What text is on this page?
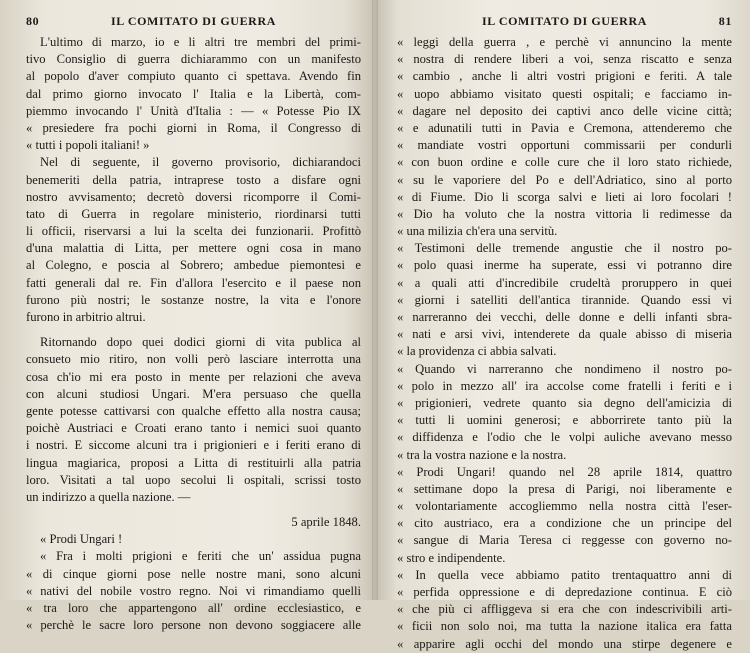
80	IL COMITATO DI GUERRA
L'ultimo di marzo, io e li altri tre membri del primi-
tivo Consiglio di guerra dichiarammo con un manifesto
al popolo d'aver compiuto quanto ci spettava. Avendo fin
dal primo giorno invocato l' Italia e la Libertà, com-
piemmo invocando l' Unità d'Italia : — « Potesse Pio IX
« presiedere fra pochi giorni in Roma, il Congresso di
« tutti i popoli italiani! »
Nel di seguente, il governo provisorio, dichiarandoci
benemeriti della patria, intraprese tosto a disfare ogni
nostro avvisamento; decretò doversi ricomporre il Comi-
tato di Guerra in regolare ministerio, riordinarsi tutti
li officii, riservarsi a lui la scelta dei funzionarii. Profittò
d'una malattia di Litta, per mettere ogni cosa in mano
al Colegno, e poscia al Sobrero; ambedue piemontesi e
fatti generali dal re. Fin d'allora l'esercito e il paese non
furono più nostri; le sostanze nostre, la vita e l'onore
furono in arbitrio altrui.
Ritornando dopo quei dodici giorni di vita publica al
consueto mio ritiro, non volli però lasciare interrotta una
cosa ch'io mi era posto in mente per relazioni che aveva
con alcuni studiosi Ungari. M'era persuaso che quella
gente potesse cattivarsi con qualche effetto alla nostra causa;
poichè Austriaci e Croati erano tanto i nemici suoi quanto
i nostri. E siccome alcuni tra i prigionieri e i feriti erano di
lingua magiarica, proposi a Litta di restituirli alla patria
loro. Visitati a tal uopo secolui li ospitali, scrissi tosto
un indirizzo a quella nazione. —
5 aprile 1848.
« Prodi Ungari !
« Fra i molti prigioni e feriti che un' assidua pugna
« di cinque giorni pose nelle nostre mani, sono alcuni
« nativi del nobile vostro regno. Noi vi rimandiamo quelli
« tra loro che appartengono all' ordine ecclesiastico, e
« perchè le sacre loro persone non devono soggiacere alle
IL COMITATO DI GUERRA	81
« leggi della guerra , e perchè vi annuncino la mente
« nostra di rendere liberi a voi, senza riscatto e senza
« cambio , anche li altri vostri prigioni e feriti. A tale
« uopo abbiamo visitato questi ospitali; e facciamo in-
« dagare nel deposito dei captivi anco delle vicine città;
« e adunatili tutti in Pavia e Cremona, attenderemo che
« mandiate vostri opportuni commissarii per condurli
« con buon ordine e colle cure che il loro stato richiede,
« su le vaporiere del Po e dell'Adriatico, sino al porto
« di Fiume. Dio li scorga salvi e lieti ai loro focolari !
« Dio ha voluto che la nostra vittoria li redimesse da
« una milizia ch'era una servitù.
« Testimoni delle tremende angustie che il nostro po-
« polo quasi inerme ha superate, essi vi potranno dire
« a quali atti d'incredibile crudeltà proruppero in quei
« giorni i satelliti dell'antica tirannide. Quando essi vi
« narreranno dei vecchi, delle donne e delli infanti sbra-
« nati e arsi vivi, intenderete da quale abisso di miseria
« la providenza ci abbia salvati.
« Quando vi narreranno che nondimeno il nostro po-
« polo in mezzo all' ira accolse come fratelli i feriti e i
« prigionieri, vedrete quanto sia degno dell'amicizia di
« tutti li uomini generosi; e abborrirete tanto più la
« diffidenza e l'odio che le volpi auliche avevano messo
« tra la vostra nazione e la nostra.
« Prodi Ungari! quando nel 28 aprile 1814, quattro
« settimane dopo la presa di Parigi, noi liberamente e
« volontariamente accogliemmo nella nostra città l'eser-
« cito austriaco, era a condizione che un principe del
« sangue di Maria Teresa ci reggesse con governo no-
« stro e indipendente.
« In quella vece abbiamo patito trentaquattro anni di
« perfida oppressione e di depredazione continua. E ciò
« che più ci affliggeva si era che con indescrivibili arti-
« ficii non solo noi, ma tutta la nazione italica era fatta
« apparire agli occhi del mondo una stirpe degenere e
